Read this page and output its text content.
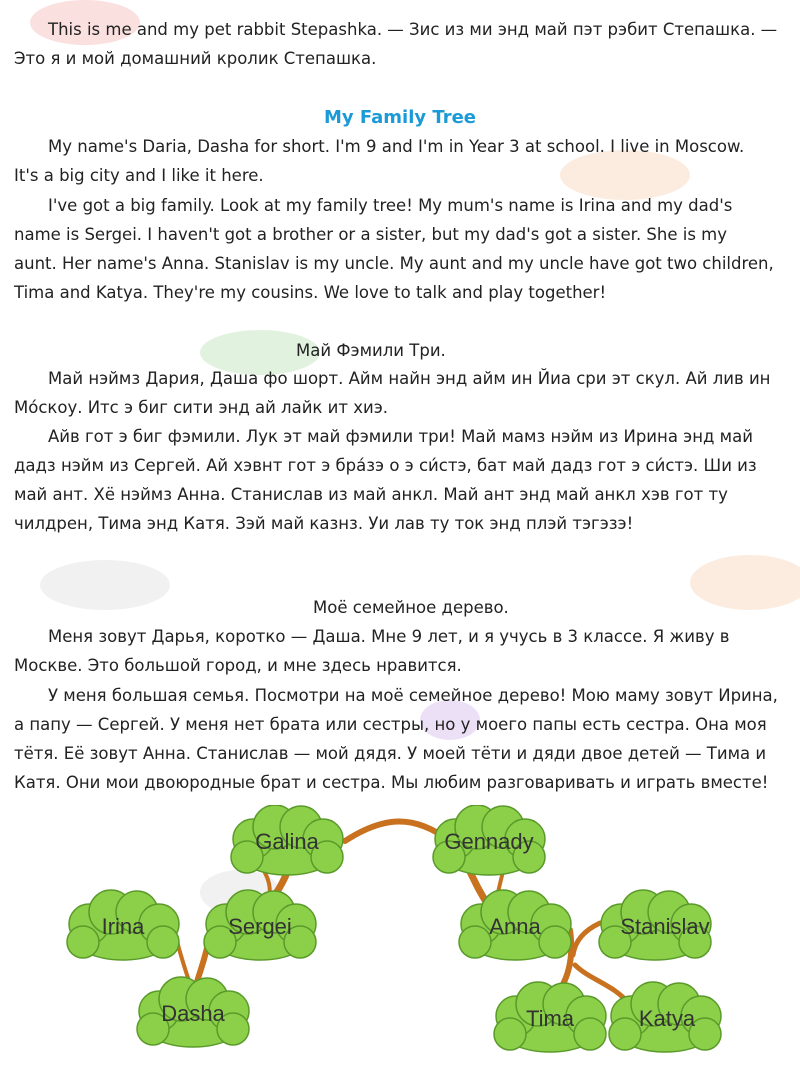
This is me and my pet rabbit Stepashka. — Зис из ми энд май пэт рэбит Степашка. —
Это я и мой домашний кролик Степашка.
My Family Tree
My name's Daria, Dasha for short. I'm 9 and I'm in Year 3 at school. I live in Moscow.
It's a big city and I like it here.
I've got a big family. Look at my family tree! My mum's name is Irina and my dad's
name is Sergei. I haven't got a brother or a sister, but my dad's got a sister. She is my
aunt. Her name's Anna. Stanislav is my uncle. My aunt and my uncle have got two children,
Tima and Katya. They're my cousins. We love to talk and play together!
Май Фэмили Три.
Май нэймз Дария, Даша фо шорт. Айм найн энд айм ин Йиа сри эт скул. Ай лив ин
Мо́скоу. Итс э биг сити энд ай лайк ит хиэ.
Айв гот э биг фэмили. Лук эт май фэмили три! Май мамз нэйм из Ирина энд май
дадз нэйм из Сергей. Ай хэвнт гот э бра́зэ о э си́стэ, бат май дадз гот э си́стэ. Ши из
май ант. Хё нэймз Анна. Станислав из май анкл. Май ант энд май анкл хэв гот ту
чилдрен, Тима энд Катя. Зэй май казнз. Уи лав ту ток энд плэй тэгэзэ!
Моё семейное дерево.
Меня зовут Дарья, коротко — Даша. Мне 9 лет, и я учусь в 3 классе. Я живу в
Москве. Это большой город, и мне здесь нравится.
У меня большая семья. Посмотри на моё семейное дерево! Мою маму зовут Ирина,
а папу — Сергей. У меня нет брата или сестры, но у моего папы есть сестра. Она моя
тётя. Её зовут Анна. Станислав — мой дядя. У моей тёти и дяди двое детей — Тима и
Катя. Они мои двоюродные брат и сестра. Мы любим разговаривать и играть вместе!
Galina	Gennady
Irina	Sergei	Anna	Stanislav
Dasha	Tima	Katya
